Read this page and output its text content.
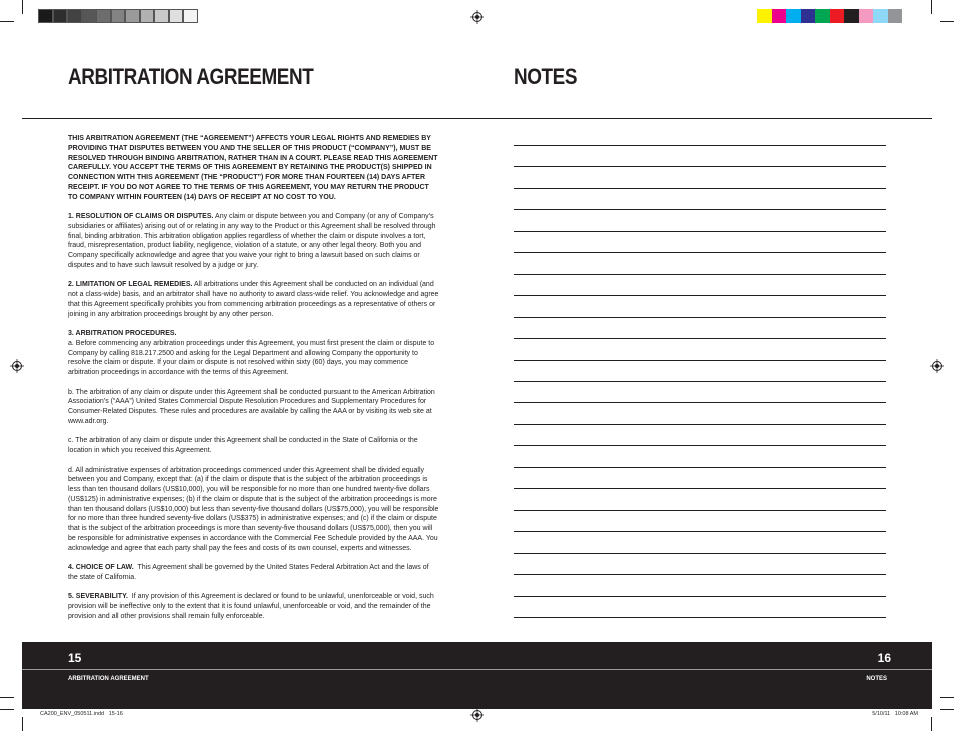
ARBITRATION AGREEMENT	NOTES

THIS ARBITRATION AGREEMENT (THE “AGREEMENT”) AFFECTS YOUR LEGAL RIGHTS AND REMEDIES BY PROVIDING THAT DISPUTES BETWEEN YOU AND THE SELLER OF THIS PRODUCT (“COMPANY”), MUST BE RESOLVED THROUGH BINDING ARBITRATION, RATHER THAN IN A COURT. PLEASE READ THIS AGREEMENT CAREFULLY. YOU ACCEPT THE TERMS OF THIS AGREEMENT BY RETAINING THE PRODUCT(S) SHIPPED IN CONNECTION WITH THIS AGREEMENT (THE “PRODUCT”) FOR MORE THAN FOURTEEN (14) DAYS AFTER RECEIPT. IF YOU DO NOT AGREE TO THE TERMS OF THIS AGREEMENT, YOU MAY RETURN THE PRODUCT TO COMPANY WITHIN FOURTEEN (14) DAYS OF RECEIPT AT NO COST TO YOU.

1. RESOLUTION OF CLAIMS OR DISPUTES. Any claim or dispute between you and Company (or any of Company’s subsidiaries or affiliates) arising out of or relating in any way to the Product or this Agreement shall be resolved through final, binding arbitration. This arbitration obligation applies regardless of whether the claim or dispute involves a tort, fraud, misrepresentation, product liability, negligence, violation of a statute, or any other legal theory. Both you and Company specifically acknowledge and agree that you waive your right to bring a lawsuit based on such claims or disputes and to have such lawsuit resolved by a judge or jury.

2. LIMITATION OF LEGAL REMEDIES. All arbitrations under this Agreement shall be conducted on an individual (and not a class-wide) basis, and an arbitrator shall have no authority to award class-wide relief. You acknowledge and agree that this Agreement specifically prohibits you from commencing arbitration proceedings as a representative of others or joining in any arbitration proceedings brought by any other person.

3. ARBITRATION PROCEDURES.

a. Before commencing any arbitration proceedings under this Agreement, you must first present the claim or dispute to Company by calling 818.217.2500 and asking for the Legal Department and allowing Company the opportunity to resolve the claim or dispute. If your claim or dispute is not resolved within sixty (60) days, you may commence arbitration proceedings in accordance with the terms of this Agreement.

b. The arbitration of any claim or dispute under this Agreement shall be conducted pursuant to the American Arbitration Association’s (“AAA”) United States Commercial Dispute Resolution Procedures and Supplementary Procedures for Consumer-Related Disputes. These rules and procedures are available by calling the AAA or by visiting its web site at www.adr.org.

c. The arbitration of any claim or dispute under this Agreement shall be conducted in the State of California or the location in which you received this Agreement.

d. All administrative expenses of arbitration proceedings commenced under this Agreement shall be divided equally between you and Company, except that: (a) if the claim or dispute that is the subject of the arbitration proceedings is less than ten thousand dollars (US$10,000), you will be responsible for no more than one hundred twenty-five dollars (US$125) in administrative expenses; (b) if the claim or dispute that is the subject of the arbitration proceedings is more than ten thousand dollars (US$10,000) but less than seventy-five thousand dollars (US$75,000), you will be responsible for no more than three hundred seventy-five dollars (US$375) in administrative expenses; and (c) if the claim or dispute that is the subject of the arbitration proceedings is more than seventy-five thousand dollars (US$75,000), then you will be responsible for administrative expenses in accordance with the Commercial Fee Schedule provided by the AAA. You acknowledge and agree that each party shall pay the fees and costs of its own counsel, experts and witnesses.

4. CHOICE OF LAW. This Agreement shall be governed by the United States Federal Arbitration Act and the laws of the state of California.

5. SEVERABILITY. If any provision of this Agreement is declared or found to be unlawful, unenforceable or void, such provision will be ineffective only to the extent that it is found unlawful, unenforceable or void, and the remainder of the provision and all other provisions shall remain fully enforceable.

15	16
ARBITRATION AGREEMENT	NOTES
CA200_ENV_050511.indd   15-16	5/10/11   10:08 AM
